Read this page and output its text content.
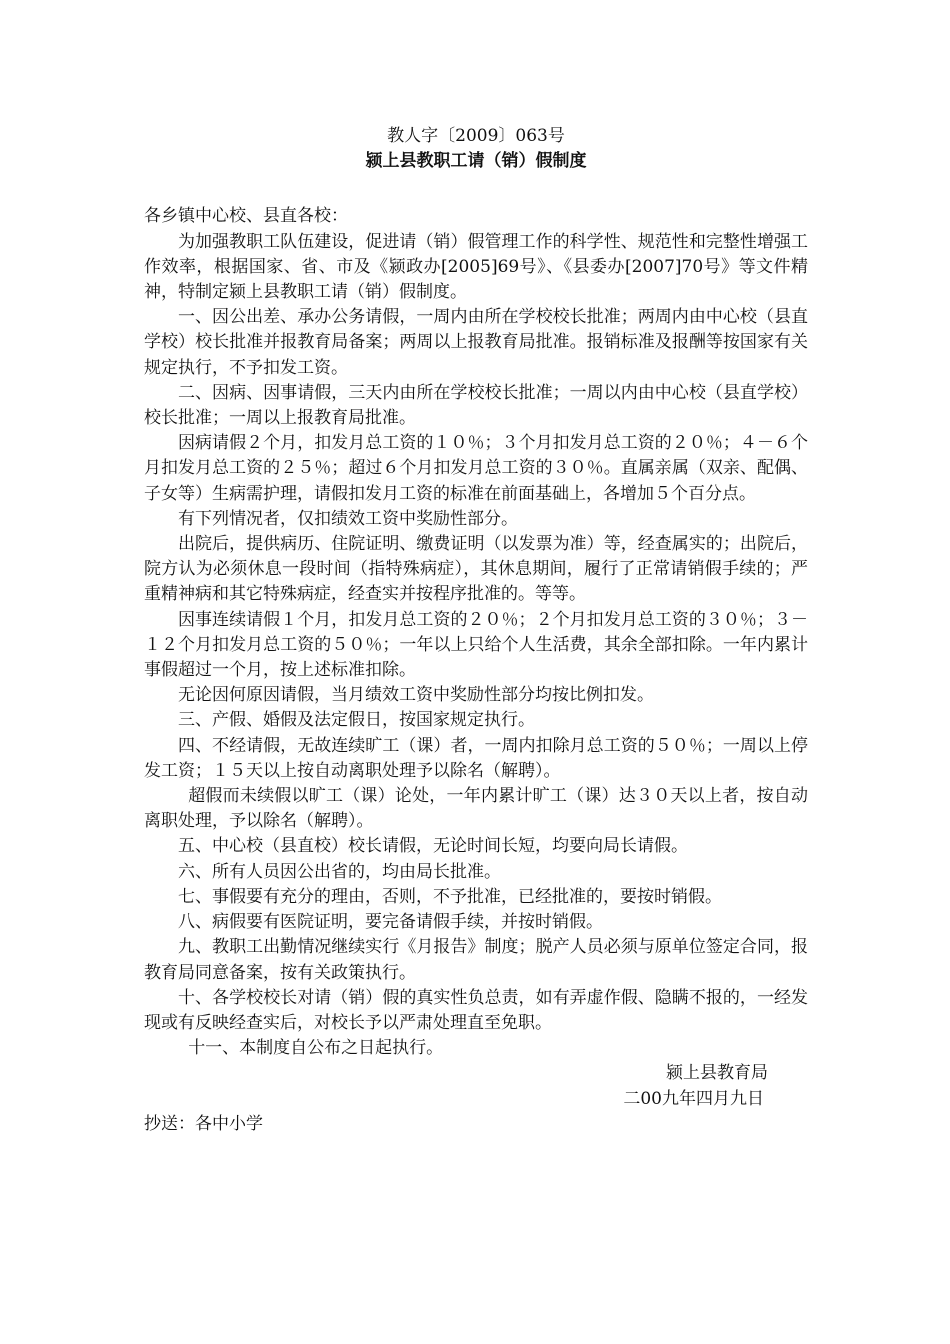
教人字〔2009〕063号

颍上县教职工请（销）假制度

各乡镇中心校、县直各校：

为加强教职工队伍建设，促进请（销）假管理工作的科学性、规范性和完整性增强工作效率，根据国家、省、市及《颍政办[2005]69号》、《县委办[2007]70号》等文件精神，特制定颍上县教职工请（销）假制度。

一、因公出差、承办公务请假，一周内由所在学校校长批准；两周内由中心校（县直学校）校长批准并报教育局备案；两周以上报教育局批准。报销标准及报酬等按国家有关规定执行，不予扣发工资。

二、因病、因事请假，三天内由所在学校校长批准；一周以内由中心校（县直学校）校长批准；一周以上报教育局批准。

因病请假２个月，扣发月总工资的１０％；３个月扣发月总工资的２０％；４－６个月扣发月总工资的２５％；超过６个月扣发月总工资的３０％。直属亲属（双亲、配偶、子女等）生病需护理，请假扣发月工资的标准在前面基础上，各增加５个百分点。

有下列情况者，仅扣绩效工资中奖励性部分。

出院后，提供病历、住院证明、缴费证明（以发票为准）等，经查属实的；出院后，院方认为必须休息一段时间（指特殊病症），其休息期间，履行了正常请销假手续的；严重精神病和其它特殊病症，经查实并按程序批准的。等等。

因事连续请假１个月，扣发月总工资的２０％；２个月扣发月总工资的３０％；３－１２个月扣发月总工资的５０％；一年以上只给个人生活费，其余全部扣除。一年内累计事假超过一个月，按上述标准扣除。

无论因何原因请假，当月绩效工资中奖励性部分均按比例扣发。

三、产假、婚假及法定假日，按国家规定执行。

四、不经请假，无故连续旷工（课）者，一周内扣除月总工资的５０％；一周以上停发工资；１５天以上按自动离职处理予以除名（解聘）。

超假而未续假以旷工（课）论处，一年内累计旷工（课）达３０天以上者，按自动离职处理，予以除名（解聘）。

五、中心校（县直校）校长请假，无论时间长短，均要向局长请假。

六、所有人员因公出省的，均由局长批准。

七、事假要有充分的理由，否则，不予批准，已经批准的，要按时销假。

八、病假要有医院证明，要完备请假手续，并按时销假。

九、教职工出勤情况继续实行《月报告》制度；脱产人员必须与原单位签定合同，报教育局同意备案，按有关政策执行。

十、各学校校长对请（销）假的真实性负总责，如有弄虚作假、隐瞒不报的，一经发现或有反映经查实后，对校长予以严肃处理直至免职。

十一、本制度自公布之日起执行。

颍上县教育局

二00九年四月九日

抄送：各中小学
